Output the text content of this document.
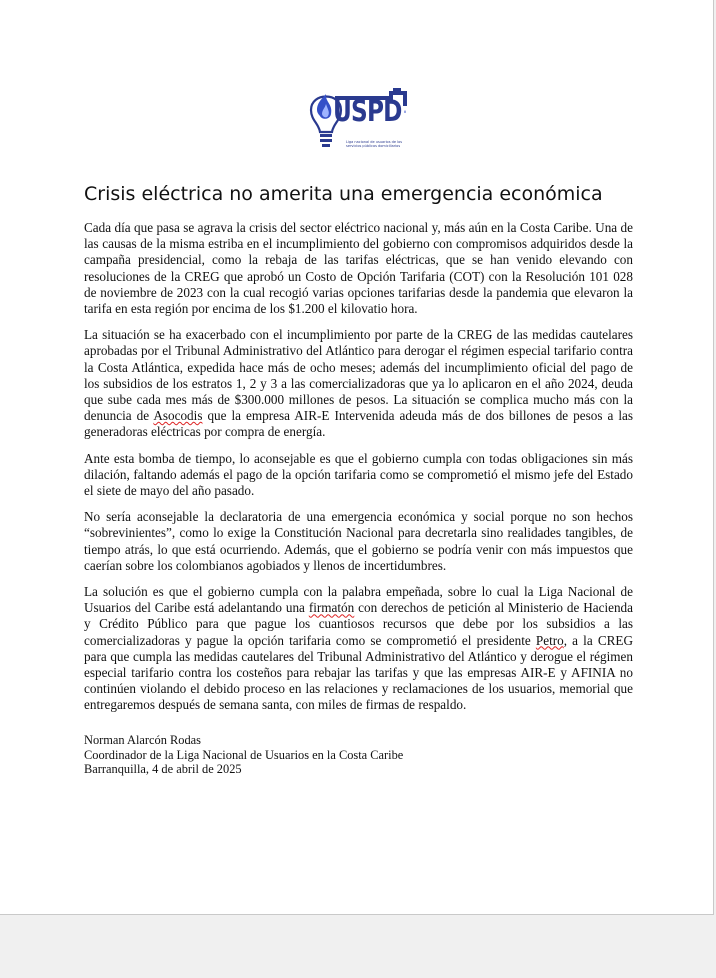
USPD
Liga nacional de usuarios de los servicios públicos domiciliarios
Crisis eléctrica no amerita una emergencia económica

Cada día que pasa se agrava la crisis del sector eléctrico nacional y, más aún en la Costa Caribe. Una de las causas de la misma estriba en el incumplimiento del gobierno con compromisos adquiridos desde la campaña presidencial, como la rebaja de las tarifas eléctricas, que se han venido elevando con resoluciones de la CREG que aprobó un Costo de Opción Tarifaria (COT) con la Resolución 101 028 de noviembre de 2023 con la cual recogió varias opciones tarifarias desde la pandemia que elevaron la tarifa en esta región por encima de los $1.200 el kilovatio hora.

La situación se ha exacerbado con el incumplimiento por parte de la CREG de las medidas cautelares aprobadas por el Tribunal Administrativo del Atlántico para derogar el régimen especial tarifario contra la Costa Atlántica, expedida hace más de ocho meses; además del incumplimiento oficial del pago de los subsidios de los estratos 1, 2 y 3 a las comercializadoras que ya lo aplicaron en el año 2024, deuda que sube cada mes más de $300.000 millones de pesos. La situación se complica mucho más con la denuncia de Asocodis que la empresa AIR-E Intervenida adeuda más de dos billones de pesos a las generadoras eléctricas por compra de energía.

Ante esta bomba de tiempo, lo aconsejable es que el gobierno cumpla con todas obligaciones sin más dilación, faltando además el pago de la opción tarifaria como se comprometió el mismo jefe del Estado el siete de mayo del año pasado.

No sería aconsejable la declaratoria de una emergencia económica y social porque no son hechos “sobrevinientes”, como lo exige la Constitución Nacional para decretarla sino realidades tangibles, de tiempo atrás, lo que está ocurriendo. Además, que el gobierno se podría venir con más impuestos que caerían sobre los colombianos agobiados y llenos de incertidumbres.

La solución es que el gobierno cumpla con la palabra empeñada, sobre lo cual la Liga Nacional de Usuarios del Caribe está adelantando una firmatón con derechos de petición al Ministerio de Hacienda y Crédito Público para que pague los cuantiosos recursos que debe por los subsidios a las comercializadoras y pague la opción tarifaria como se comprometió el presidente Petro, a la CREG para que cumpla las medidas cautelares del Tribunal Administrativo del Atlántico y derogue el régimen especial tarifario contra los costeños para rebajar las tarifas y que las empresas AIR-E y AFINIA no continúen violando el debido proceso en las relaciones y reclamaciones de los usuarios, memorial que entregaremos después de semana santa, con miles de firmas de respaldo.

Norman Alarcón Rodas
Coordinador de la Liga Nacional de Usuarios en la Costa Caribe
Barranquilla, 4 de abril de 2025
